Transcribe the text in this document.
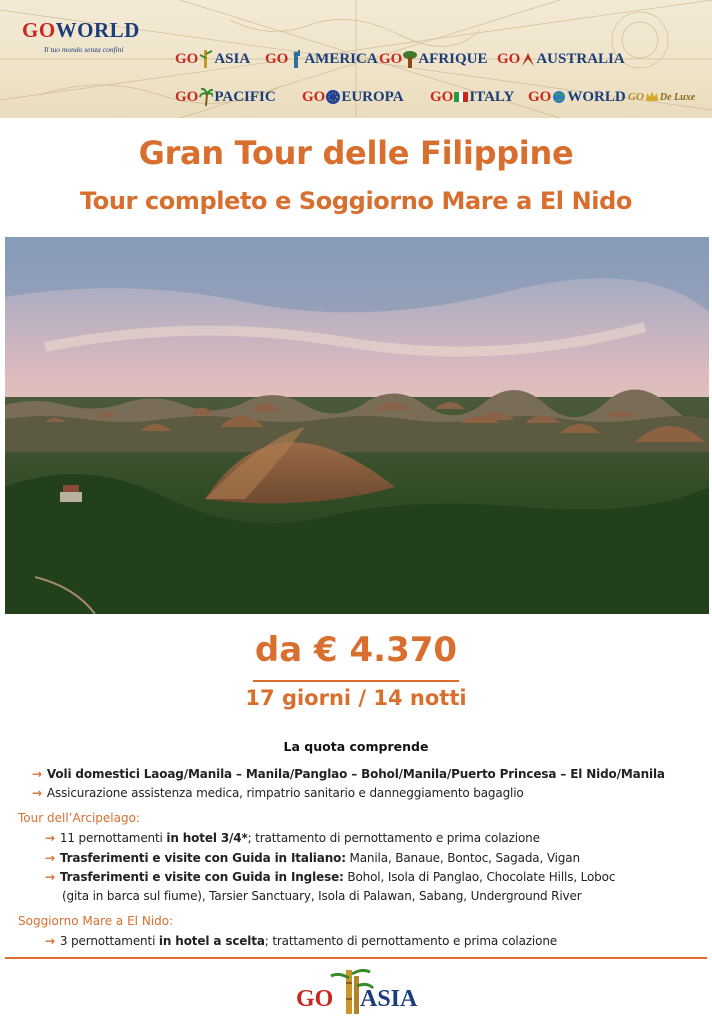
GOWORLD
Il tuo mondo senza confini
GO ASIA GO AMERICA GO AFRIQUE GO AUSTRALIA
GO PACIFIC GO EUROPA GO ITALY GO WORLD GO De Luxe
Gran Tour delle Filippine
Tour completo e Soggiorno Mare a El Nido
da € 4.370
17 giorni / 14 notti
La quota comprende
→ Voli domestici Laoag/Manila – Manila/Panglao – Bohol/Manila/Puerto Princesa – El Nido/Manila
→ Assicurazione assistenza medica, rimpatrio sanitario e danneggiamento bagaglio
Tour dell’Arcipelago:
→ 11 pernottamenti in hotel 3/4*; trattamento di pernottamento e prima colazione
→ Trasferimenti e visite con Guida in Italiano: Manila, Banaue, Bontoc, Sagada, Vigan
→ Trasferimenti e visite con Guida in Inglese: Bohol, Isola di Panglao, Chocolate Hills, Loboc
(gita in barca sul fiume), Tarsier Sanctuary, Isola di Palawan, Sabang, Underground River
Soggiorno Mare a El Nido:
→ 3 pernottamenti in hotel a scelta; trattamento di pernottamento e prima colazione
GO ASIA
